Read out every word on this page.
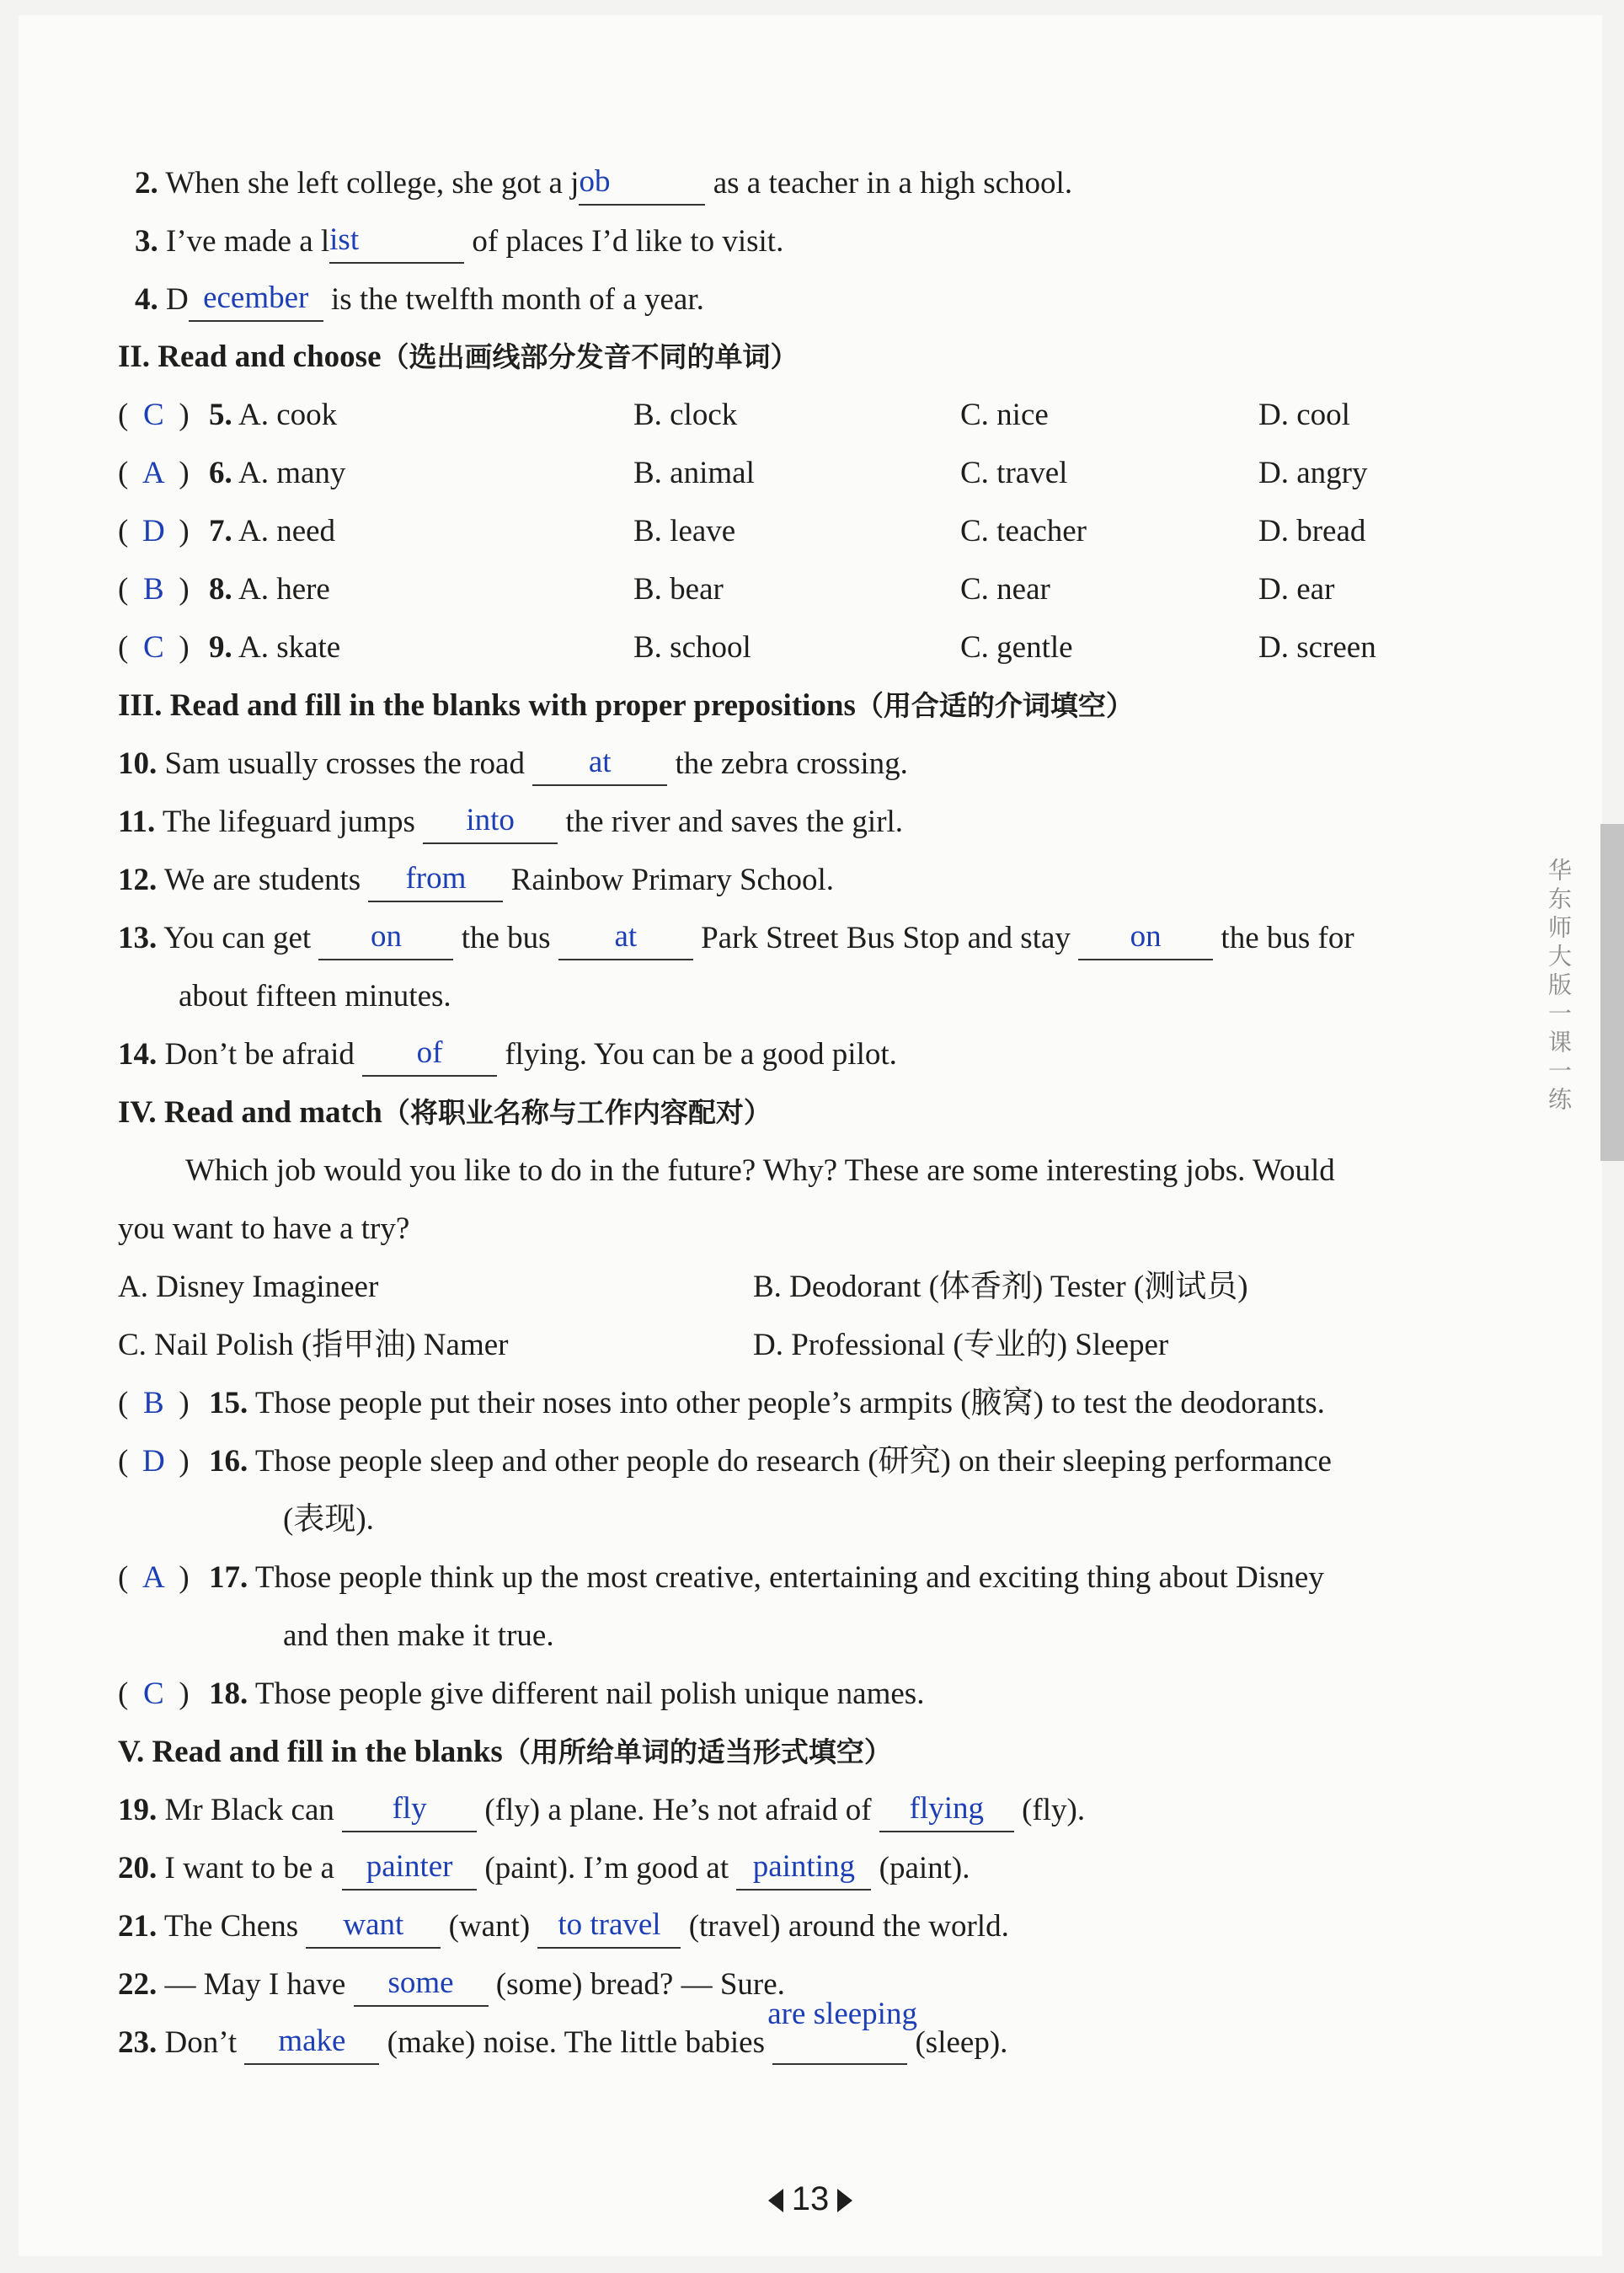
2. When she left college, she got a job	as a teacher in a high school.
3. I’ve made a list	of places I’d like to visit.
4. D ecember is the twelfth month of a year.
II. Read and choose（选出画线部分发音不同的单词）
( C ) 5. A. cook	B. clock	C. nice	D. cool
( A ) 6. A. many	B. animal	C. travel	D. angry
( D ) 7. A. need	B. leave	C. teacher	D. bread
( B ) 8. A. here	B. bear	C. near	D. ear
( C ) 9. A. skate	B. school	C. gentle	D. screen
III. Read and fill in the blanks with proper prepositions（用合适的介词填空）
10. Sam usually crosses the road at the zebra crossing.
11. The lifeguard jumps into the river and saves the girl.
12. We are students from Rainbow Primary School.
13. You can get on the bus at Park Street Bus Stop and stay on the bus for
about fifteen minutes.
14. Don’t be afraid of flying. You can be a good pilot.
IV. Read and match（将职业名称与工作内容配对）
Which job would you like to do in the future? Why? These are some interesting jobs. Would
you want to have a try?
A. Disney Imagineer	B. Deodorant (体香剂) Tester (测试员)
C. Nail Polish (指甲油) Namer	D. Professional (专业的) Sleeper
( B ) 15. Those people put their noses into other people’s armpits (腋窝) to test the deodorants.
( D ) 16. Those people sleep and other people do research (研究) on their sleeping performance
(表现).
( A ) 17. Those people think up the most creative, entertaining and exciting thing about Disney
and then make it true.
( C ) 18. Those people give different nail polish unique names.
V. Read and fill in the blanks（用所给单词的适当形式填空）
19. Mr Black can fly (fly) a plane. He’s not afraid of flying (fly).
20. I want to be a painter (paint). I’m good at painting (paint).
21. The Chens want (want) to travel (travel) around the world.
22. — May I have some (some) bread? — Sure.
23. Don’t make (make) noise. The little babies
are sleeping
(sleep).
华东师大版一课一练
13
